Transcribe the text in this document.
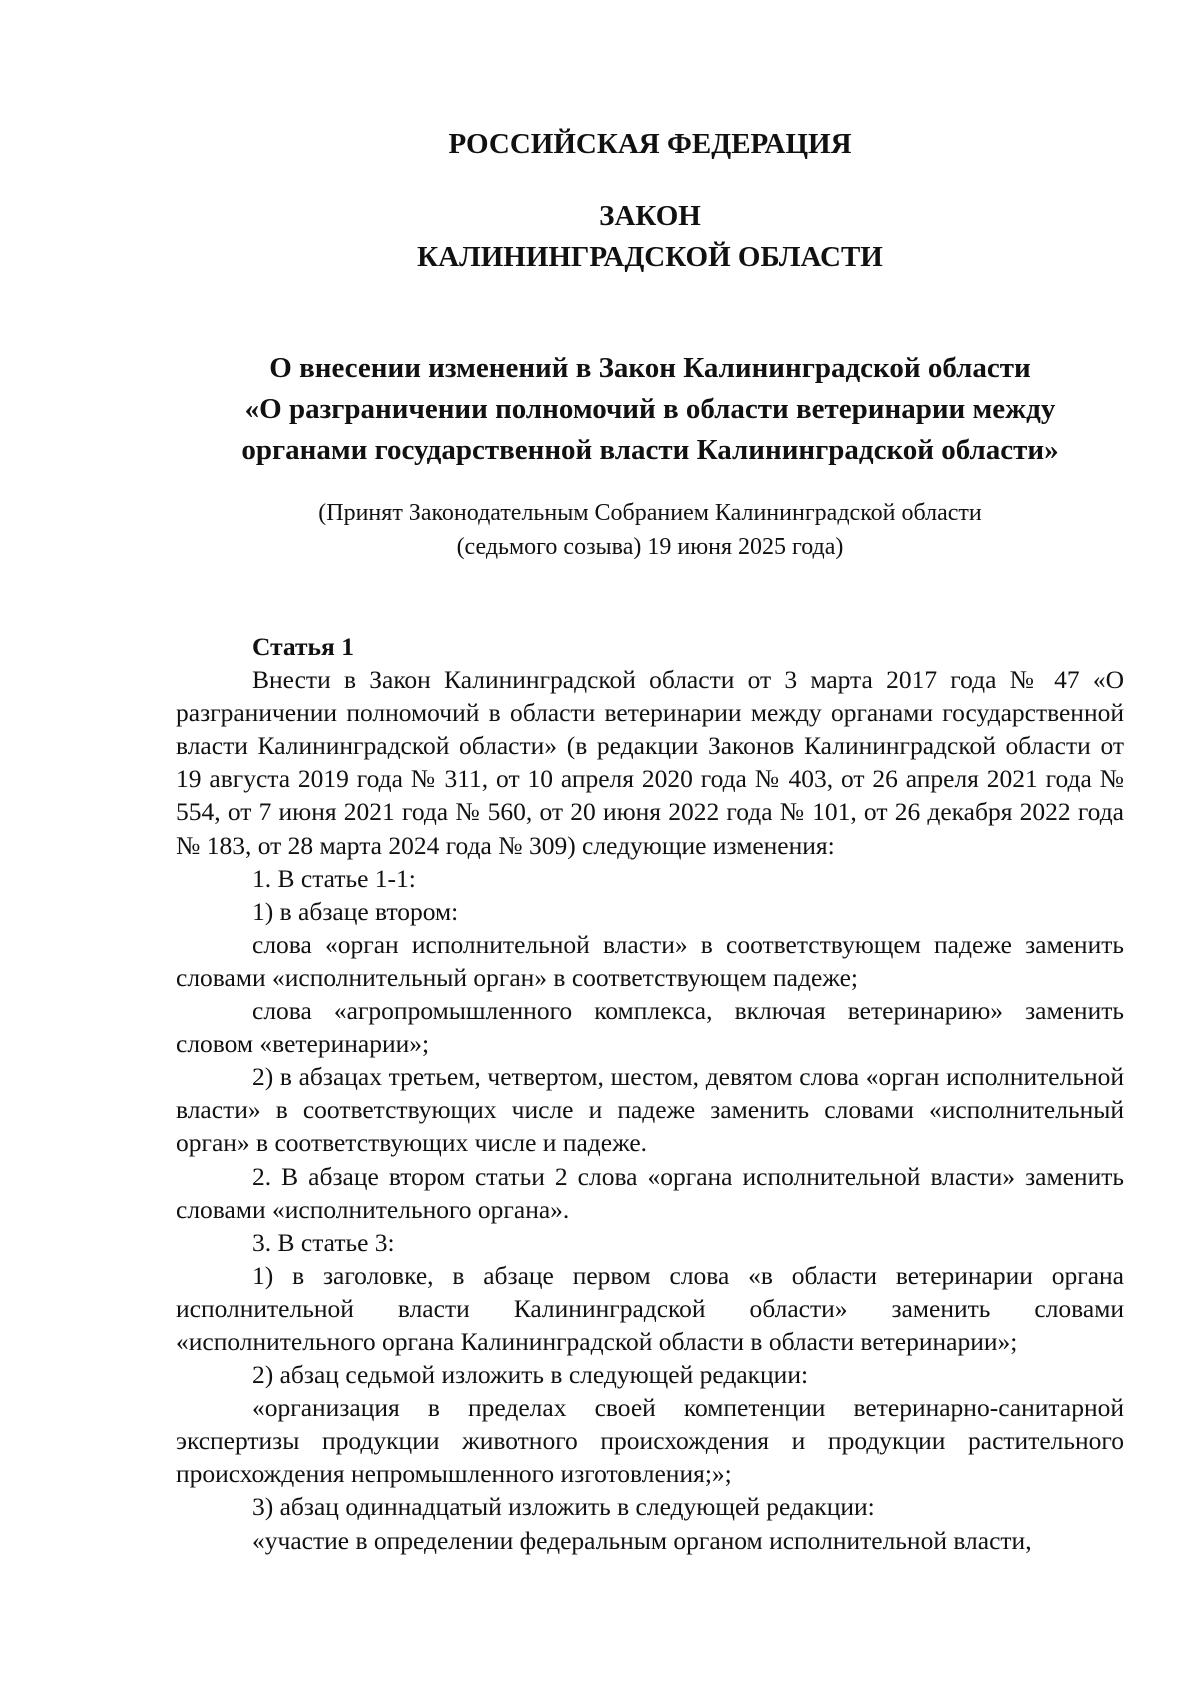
РОССИЙСКАЯ ФЕДЕРАЦИЯ
ЗАКОН
КАЛИНИНГРАДСКОЙ ОБЛАСТИ
О внесении изменений в Закон Калининградской области
«О разграничении полномочий в области ветеринарии между
органами государственной власти Калининградской области»
(Принят Законодательным Собранием Калининградской области
(седьмого созыва) 19 июня 2025 года)

Статья 1

Внести в Закон Калининградской области от 3 марта 2017 года № 47 «О разграничении полномочий в области ветеринарии между органами государственной власти Калининградской области» (в редакции Законов Калининградской области от 19 августа 2019 года № 311, от 10 апреля 2020 года № 403, от 26 апреля 2021 года № 554, от 7 июня 2021 года № 560, от 20 июня 2022 года № 101, от 26 декабря 2022 года № 183, от 28 марта 2024 года № 309) следующие изменения:

1. В статье 1-1:

1) в абзаце втором:

слова «орган исполнительной власти» в соответствующем падеже заменить словами «исполнительный орган» в соответствующем падеже;

слова «агропромышленного комплекса, включая ветеринарию» заменить словом «ветеринарии»;

2) в абзацах третьем, четвертом, шестом, девятом слова «орган исполнительной власти» в соответствующих числе и падеже заменить словами «исполнительный орган» в соответствующих числе и падеже.

2. В абзаце втором статьи 2 слова «органа исполнительной власти» заменить словами «исполнительного органа».

3. В статье 3:

1) в заголовке, в абзаце первом слова «в области ветеринарии органа исполнительной власти Калининградской области» заменить словами «исполнительного органа Калининградской области в области ветеринарии»;

2) абзац седьмой изложить в следующей редакции:

«организация в пределах своей компетенции ветеринарно-санитарной экспертизы продукции животного происхождения и продукции растительного происхождения непромышленного изготовления;»;

3) абзац одиннадцатый изложить в следующей редакции:

«участие в определении федеральным органом исполнительной власти,
